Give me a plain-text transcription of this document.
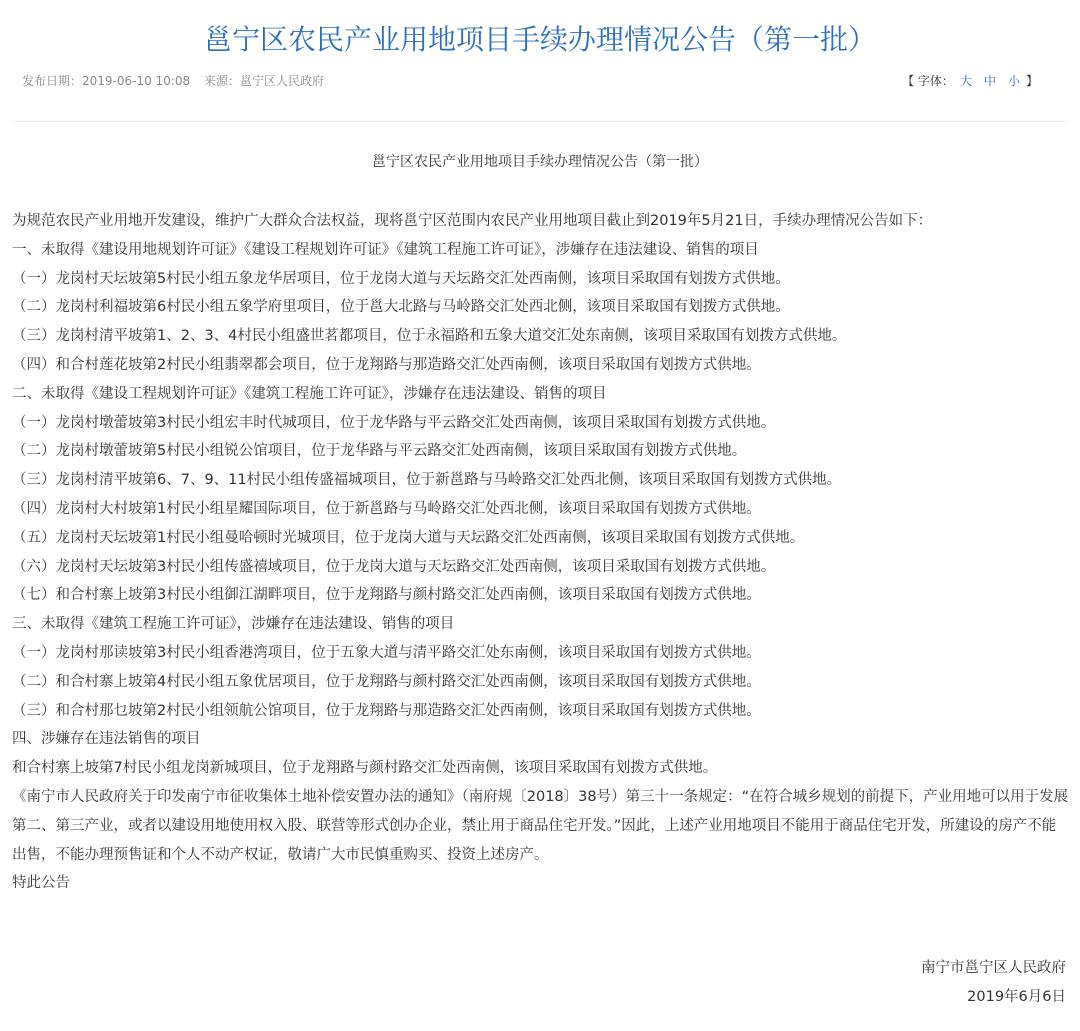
邕宁区农民产业用地项目手续办理情况公告（第一批）
发布日期：2019-06-10 10:08 来源：邕宁区人民政府	【 字体： 大 中 小 】
邕宁区农民产业用地项目手续办理情况公告（第一批）

为规范农民产业用地开发建设，维护广大群众合法权益，现将邕宁区范围内农民产业用地项目截止到2019年5月21日，手续办理情况公告如下：

一、未取得《建设用地规划许可证》《建设工程规划许可证》《建筑工程施工许可证》，涉嫌存在违法建设、销售的项目

（一）龙岗村天坛坡第5村民小组五象龙华居项目，位于龙岗大道与天坛路交汇处西南侧，该项目采取国有划拨方式供地。

（二）龙岗村利福坡第6村民小组五象学府里项目，位于邕大北路与马岭路交汇处西北侧，该项目采取国有划拨方式供地。

（三）龙岗村清平坡第1、2、3、4村民小组盛世茗都项目，位于永福路和五象大道交汇处东南侧，该项目采取国有划拨方式供地。

（四）和合村莲花坡第2村民小组翡翠都会项目，位于龙翔路与那造路交汇处西南侧，该项目采取国有划拨方式供地。

二、未取得《建设工程规划许可证》《建筑工程施工许可证》，涉嫌存在违法建设、销售的项目

（一）龙岗村墩蕾坡第3村民小组宏丰时代城项目，位于龙华路与平云路交汇处西南侧，该项目采取国有划拨方式供地。

（二）龙岗村墩蕾坡第5村民小组锐公馆项目，位于龙华路与平云路交汇处西南侧，该项目采取国有划拨方式供地。

（三）龙岗村清平坡第6、7、9、11村民小组传盛福城项目，位于新邕路与马岭路交汇处西北侧，该项目采取国有划拨方式供地。

（四）龙岗村大村坡第1村民小组星耀国际项目，位于新邕路与马岭路交汇处西北侧，该项目采取国有划拨方式供地。

（五）龙岗村天坛坡第1村民小组曼哈顿时光城项目，位于龙岗大道与天坛路交汇处西南侧，该项目采取国有划拨方式供地。

（六）龙岗村天坛坡第3村民小组传盛禧域项目，位于龙岗大道与天坛路交汇处西南侧，该项目采取国有划拨方式供地。

（七）和合村寨上坡第3村民小组御江湖畔项目，位于龙翔路与颜村路交汇处西南侧，该项目采取国有划拨方式供地。

三、未取得《建筑工程施工许可证》，涉嫌存在违法建设、销售的项目

（一）龙岗村那读坡第3村民小组香港湾项目，位于五象大道与清平路交汇处东南侧，该项目采取国有划拨方式供地。

（二）和合村寨上坡第4村民小组五象优居项目，位于龙翔路与颜村路交汇处西南侧，该项目采取国有划拨方式供地。

（三）和合村那乜坡第2村民小组领航公馆项目，位于龙翔路与那造路交汇处西南侧，该项目采取国有划拨方式供地。

四、涉嫌存在违法销售的项目

和合村寨上坡第7村民小组龙岗新城项目，位于龙翔路与颜村路交汇处西南侧，该项目采取国有划拨方式供地。

《南宁市人民政府关于印发南宁市征收集体土地补偿安置办法的通知》（南府规〔2018〕38号）第三十一条规定：“在符合城乡规划的前提下，产业用地可以用于发展第二、第三产业，或者以建设用地使用权入股、联营等形式创办企业，禁止用于商品住宅开发。”因此，上述产业用地项目不能用于商品住宅开发，所建设的房产不能出售，不能办理预售证和个人不动产权证，敬请广大市民慎重购买、投资上述房产。

特此公告

南宁市邕宁区人民政府
2019年6月6日
